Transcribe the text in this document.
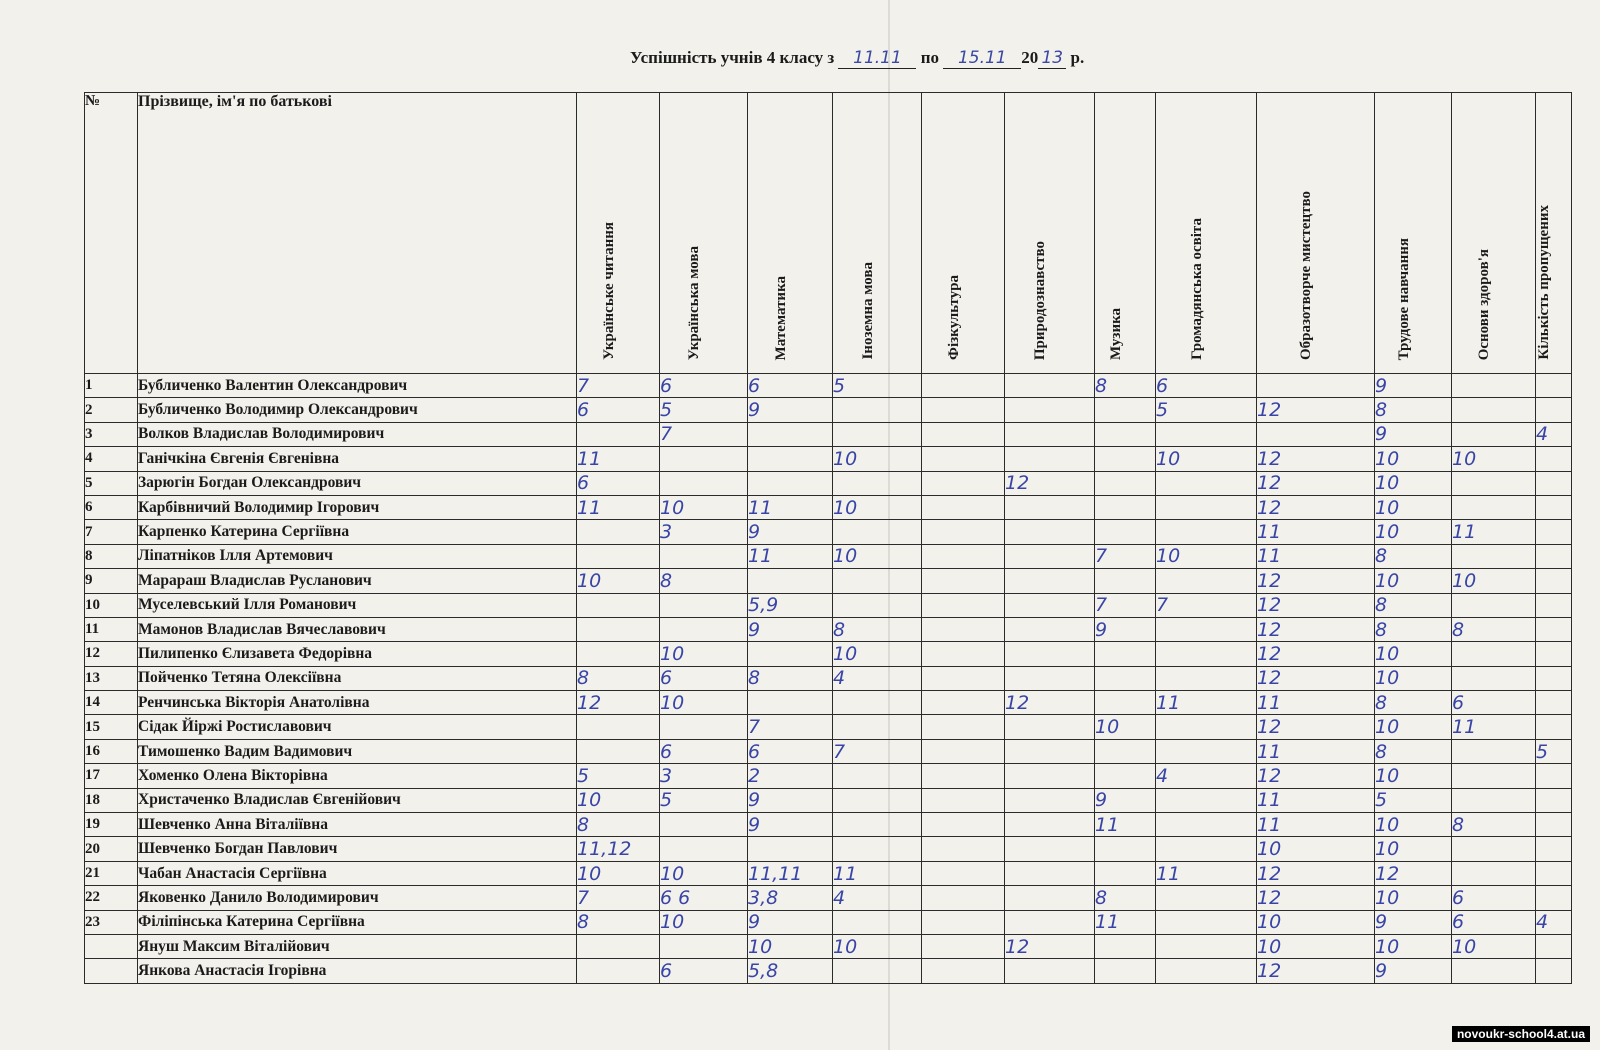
Успішність учнів 4 класу з 11.11 по 15.11 20 13 р.
№	Прізвище, ім'я по батькові	Українське читання	Українська мова	Математика	Іноземна мова	Фізкультура	Природознавство	Музика	Громадянська освіта	Образотворче мистецтво	Трудове навчання	Основи здоров'я	Кількість пропущених
1	Бубличенко Валентин Олександрович	7	6	6	5			8	6		9		
2	Бубличенко Володимир Олександрович	6	5	9					5	12	8		
3	Волков Владислав Володимирович		7								9		4
4	Ганічкіна Євгенія Євгенівна	11			10				10	12	10	10	
5	Зарюгін Богдан Олександрович	6					12			12	10		
6	Карбівничий Володимир Ігорович	11	10	11	10					12	10		
7	Карпенко Катерина Сергіївна		3	9						11	10	11	
8	Ліпатніков Ілля Артемович			11	10			7	10	11	8		
9	Марараш Владислав Русланович	10	8							12	10	10	
10	Муселевський Ілля Романович			5,9				7	7	12	8		
11	Мамонов Владислав Вячеславович			9	8			9		12	8	8	
12	Пилипенко Єлизавета Федорівна		10		10					12	10		
13	Пойченко Тетяна Олексіївна	8	6	8	4					12	10		
14	Ренчинська Вікторія Анатолівна	12	10				12		11	11	8	6	
15	Сідак Йіржі Ростиславович			7				10		12	10	11	
16	Тимошенко Вадим Вадимович		6	6	7					11	8		5
17	Хоменко Олена Вікторівна	5	3	2					4	12	10		
18	Христаченко Владислав Євгенійович	10	5	9				9		11	5		
19	Шевченко Анна Віталіївна	8		9				11		11	10	8	
20	Шевченко Богдан Павлович	11,12								10	10		
21	Чабан Анастасія Сергіївна	10	10	11,11	11				11	12	12		
22	Яковенко Данило Володимирович	7	6 6	3,8	4			8		12	10	6	
23	Філіпінська Катерина Сергіївна	8	10	9				11		10	9	6	4
	Януш Максим Віталійович			10	10		12			10	10	10	
	Янкова Анастасія Ігорівна		6	5,8						12	9		
novoukr-school4.at.ua
